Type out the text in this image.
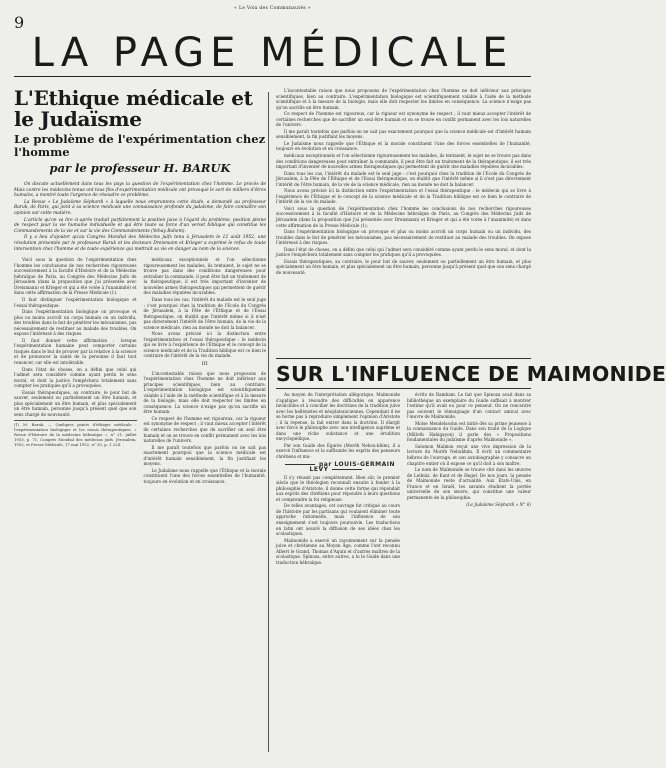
« Le Voix des Communautés »
9
LA PAGE MÉDICALE
L'Ethique médicale et le Judaïsme
Le problème de l'expérimentation chez l'homme
par le professeur H. BARUK

On discute actuellement dans tous les pays la question de l'expérimentation chez l'homme. Le procès de Mais contre les médecins tenue ont tous fins d'expérimentation médicale ont provoqué le sort de milliers d'êtres humains, a montré toute l'urgence de résoudre ce problème.

La Revue « Le Judaïsme Séphardi » à laquelle nous empruntons cette étude, a demandé au professeur Baruk, de Paris, qui joint à sa science médicale une connaissance profonde du judaïsme, de faire connaître son opinion sur cette matière.

L'article qu'on va lire ci-après traduit parfaitement la position juive à l'égard du problème, position pleine de respect pour la vie humaine individuelle et qui être toute sa force d'un verset biblique qui constitue les Commandements de la vie et sur la vie des Commandements (Yehay Bahem).

Il y a lieu d'ajouter qu'au Congrès Mondial des Médecins juifs tenu à Jérusalem le 12 août 1952, une résolution présentée par le professeur Baruk et les docteurs Dreismann et Krieger a exprimé le refus de toute intervention chez l'homme et de toute expérience qui mettrait sa vie en danger au nom de la science.

Voici sous la question de l'expérimentation chez l'homme les conclusions de nos recherches rigoureuses successivement à la faculté d'Histoire et de la Médecine hébraïque de Paris, au Congrès des Médecins Juifs de Jérusalem (dans la proposition que j'ai présentée avec Dreismann) et Krieger et qui a été votée à l'unanimité) et dans cette affirmation de la Presse Médicale (1).

Il faut distinguer l'expérimentation biologique et l'essai thérapeutique.

Dans l'expérimentation biologique on provoque et plus ou moins accroît un corps humain ou un individu, des troubles dans le but de pénétrer les mécanismes, pas nécessairement de restituer au malade des troubles. On expose l'intéressé à des risques.

Il faut donner cette affirmation : lorsque l'expérimentation humaine peut comporter certains risques dans le but de prouver par la relative à la science et de prononcer la santé de la personne il faut tout renoncer, car elle est intolérable.

Dans l'état de choses, on a défini que celui qui l'admet sera considéré comme ayant perdu le sens moral, et dont la justice l'empêchera totalement sans compter les pratiques qu'il a provoquées.

Essais thérapeutiques, au contraire, le pour but de sauver, seulement ou partiellement un être humain, et plus spécialement un être humain, et plus spécialement un être humain, personne jusqu'à présent quel que son sens chargé de nouveauté.

(1) M. Baruk. — Quelques points d'éthique médicale : l'expérimentation biologique et les essais thérapeutiques. « Revue d'Histoire de la médecine hébraïque », n° 21, juillet 1953, p. 71. Congrès Mondial des médecins juifs. Jérusalem, 1952, et Presse Médicale, 17 mai 1952, n° 35, p. 1 224.

médicaux exceptionnels et l'on sélectionne rigoureusement les malades, ils tentaient, le sujet ne se trouve pas dans des conditions dangereuses pour entraîner la commande, il peut être fait un traitement de la thérapeutique, il est très important d'inventer de nouvelles armes thérapeutiques qui permettent de guérir des maladies réputées incurables.

Dans tous les cas, l'intérêt du malade est le seul juge : c'est pourquoi chez la tradition de l'Ecole du Congrès de Jérusalem, à la Fête de l'Éthique et de l'Essai thérapeutique, on établit que l'intérêt même si il n'est pas directement l'intérêt de l'être humain, de la vie de la science médicale, rien au monde ne doit la balancer.

Nous avons précisé ici la distinction entre l'expérimentation et l'essai thérapeutique : le médecin qui se livre à l'expérience de l'Éthique et le concept de la science médicale et de la Tradition biblique est ce bien le contraire de l'intérêt de la vie du malade.

III

L'incontestable raison que nous proposons de l'expérimentation chez l'homme ne doit inférieur aux principes scientifiques, bien au contraire. L'expérimentation biologique est scientifiquement valable à l'aide de la méthode scientifique et à la mesure de la biologie, mais elle doit respecter les limites en conséquence. La science n'exige pas qu'on sacrifie un être humain.

Ce respect de l'homme est rigoureux, car la rigueur est synonyme de respect ; il vaut mieux accepter l'intérêt de certaines recherches que de sacrifier un seul être humain et on se trouve en conflit permanent avec les lois naturelles de l'univers.

Il me paraît toutefois que parfois on ne sait pas exactement pourquoi que la science médicale est d'intérêt humain sensiblement, la fin justifiant les moyens.

Le Judaïsme nous rappelle que l'Éthique et la morale constituent l'une des forces essentielles de l'humanité, toujours en évolution et en croissance.

L'incontestable raison que nous proposons de l'expérimentation chez l'homme ne doit inférieur aux principes scientifiques, bien au contraire. L'expérimentation biologique est scientifiquement valable à l'aide de la méthode scientifique et à la mesure de la biologie, mais elle doit respecter les limites en conséquence. La science n'exige pas qu'on sacrifie un être humain.

Ce respect de l'homme est rigoureux, car la rigueur est synonyme de respect ; il vaut mieux accepter l'intérêt de certaines recherches que de sacrifier un seul être humain et on se trouve en conflit permanent avec les lois naturelles de l'univers.

Il me paraît toutefois que parfois on ne sait pas exactement pourquoi que la science médicale est d'intérêt humain sensiblement, la fin justifiant les moyens.

Le Judaïsme nous rappelle que l'Éthique et la morale constituent l'une des forces essentielles de l'humanité, toujours en évolution et en croissance.

médicaux exceptionnels et l'on sélectionne rigoureusement les malades, ils tentaient, le sujet ne se trouve pas dans des conditions dangereuses pour entraîner la commande, il peut être fait un traitement de la thérapeutique, il est très important d'inventer de nouvelles armes thérapeutiques qui permettent de guérir des maladies réputées incurables.

Dans tous les cas, l'intérêt du malade est le seul juge : c'est pourquoi chez la tradition de l'Ecole du Congrès de Jérusalem, à la Fête de l'Éthique et de l'Essai thérapeutique, on établit que l'intérêt même si il n'est pas directement l'intérêt de l'être humain, de la vie de la science médicale, rien au monde ne doit la balancer.

Nous avons précisé ici la distinction entre l'expérimentation et l'essai thérapeutique : le médecin qui se livre à l'expérience de l'Éthique et le concept de la science médicale et de la Tradition biblique est ce bien le contraire de l'intérêt de la vie du malade.

Voici sous la question de l'expérimentation chez l'homme les conclusions de nos recherches rigoureuses successivement à la faculté d'Histoire et de la Médecine hébraïque de Paris, au Congrès des Médecins Juifs de Jérusalem (dans la proposition que j'ai présentée avec Dreismann) et Krieger et qui a été votée à l'unanimité) et dans cette affirmation de la Presse Médicale (1).

Dans l'expérimentation biologique on provoque et plus ou moins accroît un corps humain ou un individu, des troubles dans le but de pénétrer les mécanismes, pas nécessairement de restituer au malade des troubles. On expose l'intéressé à des risques.

Dans l'état de choses, on a défini que celui qui l'admet sera considéré comme ayant perdu le sens moral, et dont la justice l'empêchera totalement sans compter les pratiques qu'il a provoquées.

Essais thérapeutiques, au contraire, le pour but de sauver, seulement ou partiellement un être humain, et plus spécialement un être humain, et plus spécialement un être humain, personne jusqu'à présent quel que son sens chargé de nouveauté.

SUR L'INFLUENCE DE MAIMONIDE

Au moyen de l'interprétation allégorique, Maïmonide s'applique à résoudre des difficultés en apparence invincibles et à concilier les doctrines de la tradition juive avec les hellénistes et néoplatoniciennes. Cependant il ne se borne pas à reproduire simplement l'opinion d'Aristote ; il la repense, la fait entrer dans la doctrine. Il élargit avec force le philosophe avec une intelligence suprême et dans une riche substance et une érudition encyclopédique.

Par son Guide des Égarés (Moréh Nebou-khim), il a exercé l'influence et la suffisante les esprits des penseurs chrétiens et mu-

par LOUIS-GERMAIN LEVY

Il s'y réussit pas complètement. Bien sûr, le premier siècle que le théologien reconnaît ensuite à fonder à la philosophie d'Aristote, il donne cette forme qui répondait aux esprits des chrétiens pour répondre à leurs questions et comprendre la foi religieuse.

De telles avantages, cet ouvrage fut critiqué au cours de l'histoire par les partisans qui voulaient éliminer toute approche rationnelle, mais l'influence de son enseignement s'est toujours poursuivie. Les traductions en latin ont assuré la diffusion de ses idées chez les scolastiques.

Maïmonide a exercé un rayonnement sur la pensée juive et chrétienne au Moyen Âge, comme l'ont reconnu Albert le Grand, Thomas d'Aquin et d'autres maîtres de la scolastique. Spinoza, entre autres, a lu le Guide dans une traduction hébraïque.

écrits de Rambam. Le fait que Spinoza avait dans sa bibliothèque un exemplaire du Guide suffisait à montrer l'estime qu'il avait eu pour ce penseur. On ne rencontre pas souvent le témoignage d'un contact amical avec l'œuvre de Maïmonide.

Moïse Mendelssohn est initié dès sa prime jeunesse à la connaissance du Guide. Dans son traité de la Logique (Milloth Hahigayon) il parle des « Propositions fondamentales du judaïsme d'après Maïmonide ».

Salomon Maïmon reçut une vive impression de la lecture du Moréh Nebukhim. Il écrit un commentaire hébreu de l'ouvrage, et son autobiographie y consacre un chapitre entier où il expose ce qu'il doit à son maître.

Le nom de Maïmonide se trouve cité dans les œuvres de Leibniz, de Kant et de Hegel. De nos jours, la pensée de Maïmonide reste d'actualité. Aux États-Unis, en France et en Israël, les savants étudient la portée universelle de son œuvre, qui constitue une valeur permanente de la philosophie.

(Le Judaïsme Séphardi » N° 6)
